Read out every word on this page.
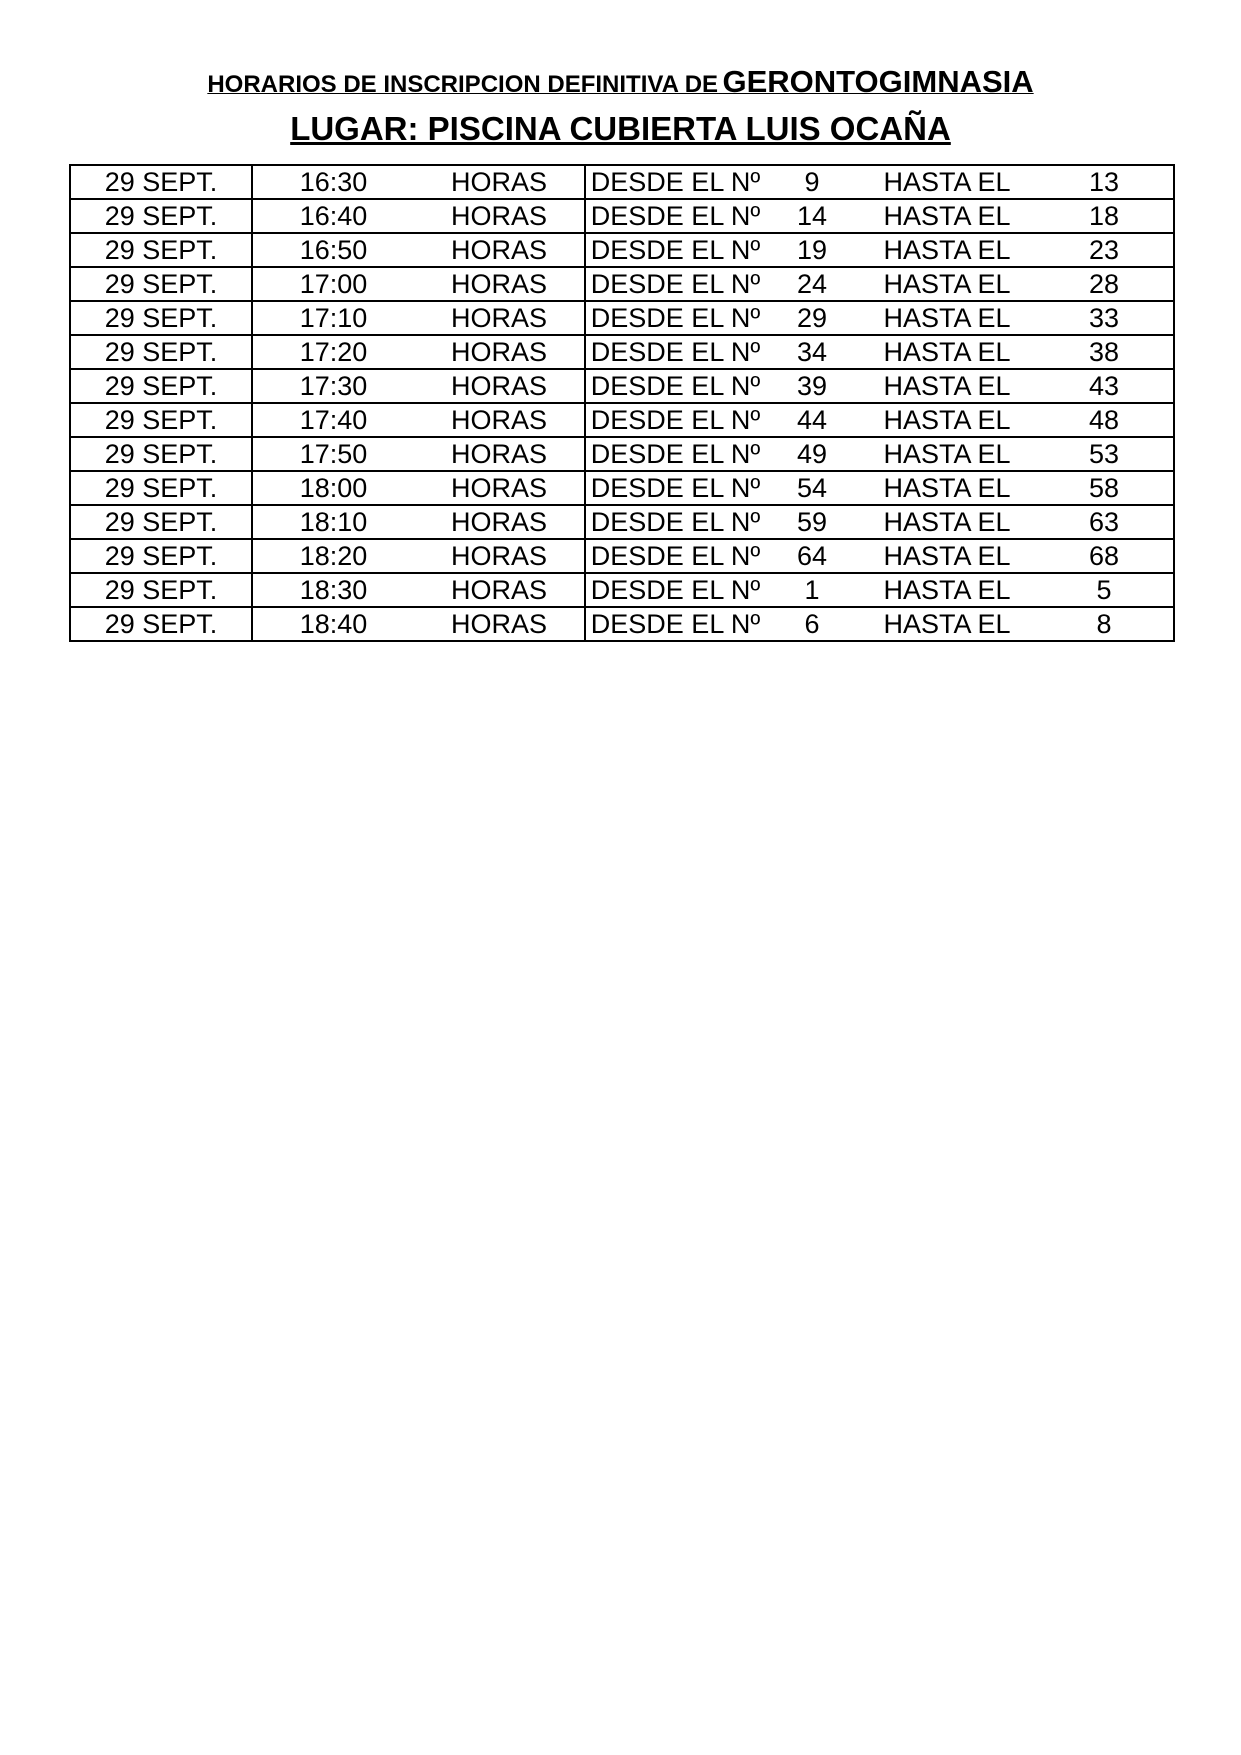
HORARIOS DE INSCRIPCION DEFINITIVA DE GERONTOGIMNASIA
LUGAR: PISCINA CUBIERTA LUIS OCAÑA
29 SEPT.	16:30	HORAS	DESDE EL Nº	9	HASTA EL	13
29 SEPT.	16:40	HORAS	DESDE EL Nº	14	HASTA EL	18
29 SEPT.	16:50	HORAS	DESDE EL Nº	19	HASTA EL	23
29 SEPT.	17:00	HORAS	DESDE EL Nº	24	HASTA EL	28
29 SEPT.	17:10	HORAS	DESDE EL Nº	29	HASTA EL	33
29 SEPT.	17:20	HORAS	DESDE EL Nº	34	HASTA EL	38
29 SEPT.	17:30	HORAS	DESDE EL Nº	39	HASTA EL	43
29 SEPT.	17:40	HORAS	DESDE EL Nº	44	HASTA EL	48
29 SEPT.	17:50	HORAS	DESDE EL Nº	49	HASTA EL	53
29 SEPT.	18:00	HORAS	DESDE EL Nº	54	HASTA EL	58
29 SEPT.	18:10	HORAS	DESDE EL Nº	59	HASTA EL	63
29 SEPT.	18:20	HORAS	DESDE EL Nº	64	HASTA EL	68
29 SEPT.	18:30	HORAS	DESDE EL Nº	1	HASTA EL	5
29 SEPT.	18:40	HORAS	DESDE EL Nº	6	HASTA EL	8
